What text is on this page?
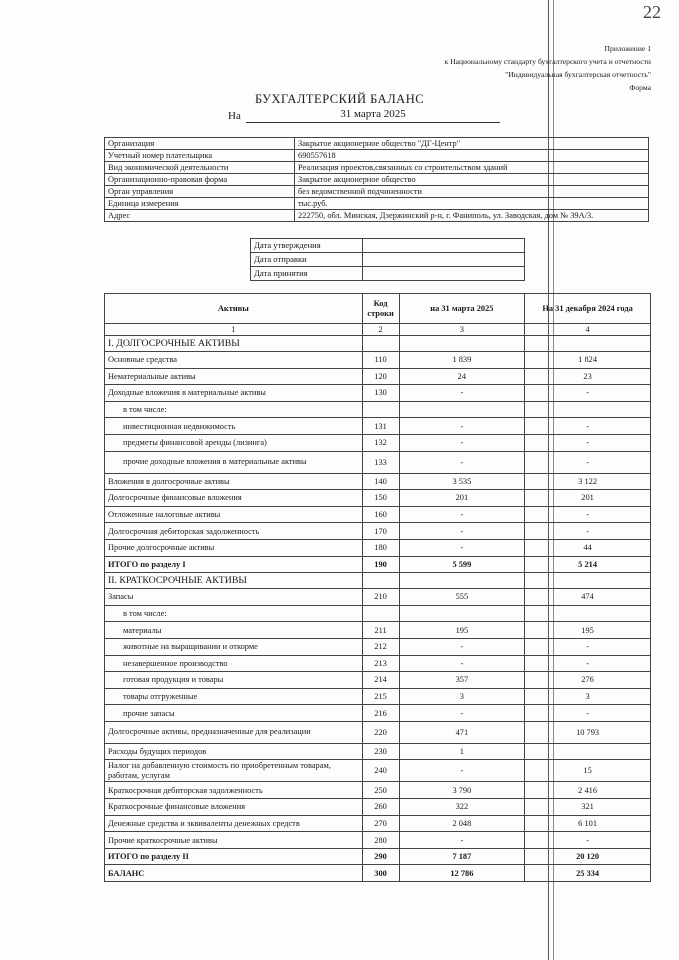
22
Приложение 1
к Национальному стандарту бухгалтерского учета и отчетности
"Индивидуальная бухгалтерская отчетность"
Форма
БУХГАЛТЕРСКИЙ БАЛАНС
На	31 марта 2025
Организация	Закрытое акционерное общество "ДГ-Центр"
Учетный номер плательщика	690557618
Вид экономической деятельности	Реализация проектов,связанных со строительством зданий
Организационно-правовая форма	Закрытое акционерное общество
Орган управления	без ведомственной подчиненности
Единица измерения	тыс.руб.
Адрес	222750, обл. Минская, Дзержинский р-н, г. Фаниполь, ул. Заводская, дом № 39А/3.
Дата утверждения	
Дата отправки	
Дата принятия	
Активы	Код строки	на 31 марта 2025	На 31 декабря 2024 года
1	2	3	4
I. ДОЛГОСРОЧНЫЕ АКТИВЫ			
Основные средства	110	1 839	1 824
Нематериальные активы	120	24	23
Доходные вложения в материальные активы	130	-	-
в том числе:			
инвестиционная недвижимость	131	-	-
предметы финансовой аренды (лизинга)	132	-	-
прочие доходные вложения в материальные активы	133	-	-
Вложения в долгосрочные активы	140	3 535	3 122
Долгосрочные финансовые вложения	150	201	201
Отложенные налоговые активы	160	-	-
Долгосрочная дебиторская задолженность	170	-	-
Прочие долгосрочные активы	180	-	44
ИТОГО по разделу I	190	5 599	5 214
II. КРАТКОСРОЧНЫЕ АКТИВЫ			
Запасы	210	555	474
в том числе:			
материалы	211	195	195
животные на выращивании и откорме	212	-	-
незавершенное производство	213	-	-
готовая продукция и товары	214	357	276
товары отгруженные	215	3	3
прочие запасы	216	-	-
Долгосрочные активы, предназначенные для реализации	220	471	10 793
Расходы будущих периодов	230	1	
Налог на добавленную стоимость по приобретенным товарам, работам, услугам	240	-	15
Краткосрочная дебиторская задолженность	250	3 790	2 416
Краткосрочные финансовые вложения	260	322	321
Денежные средства и эквиваленты денежных средств	270	2 048	6 101
Прочие краткосрочные активы	280	-	-
ИТОГО по разделу II	290	7 187	20 120
БАЛАНС	300	12 786	25 334
